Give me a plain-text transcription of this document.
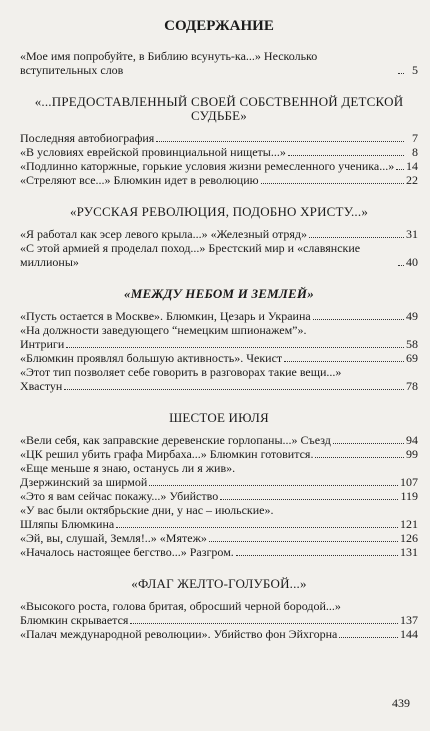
СОДЕРЖАНИЕ
«Мое имя попробуйте, в Библию всунуть-ка...» Несколько вступительных слов	5
«...ПРЕДОСТАВЛЕННЫЙ СВОЕЙ СОБСТВЕННОЙ ДЕТСКОЙ СУДЬБЕ»
Последняя автобиография	7
«В условиях еврейской провинциальной нищеты...»	8
«Подлинно каторжные, горькие условия жизни ремесленного ученика...» 14
«Стреляют все...» Блюмкин идет в революцию	22
«РУССКАЯ РЕВОЛЮЦИЯ, ПОДОБНО ХРИСТУ...»
«Я работал как эсер левого крыла...» «Железный отряд»	31
«С этой армией я проделал поход...» Брестский мир и «славянские миллионы»	40
«МЕЖДУ НЕБОМ И ЗЕМЛЕЙ»
«Пусть остается в Москве». Блюмкин, Цезарь и Украина	49
«На должности заведующего “немецким шпионажем”».
Интриги	58
«Блюмкин проявлял большую активность». Чекист	69
«Этот тип позволяет себе говорить в разговорах такие вещи...»
Хвастун	78
ШЕСТОЕ ИЮЛЯ
«Вели себя, как заправские деревенские горлопаны...» Съезд	94
«ЦК решил убить графа Мирбаха...» Блюмкин готовится.	99
«Еще меньше я знаю, останусь ли я жив».
Дзержинский за ширмой	107
«Это я вам сейчас покажу...» Убийство	119
«У вас были октябрьские дни, у нас – июльские».
Шляпы Блюмкина	121
«Эй, вы, слушай, Земля!..» «Мятеж»	126
«Началось настоящее бегство...» Разгром.	131
«ФЛАГ ЖЕЛТО-ГОЛУБОЙ...»
«Высокого роста, голова бритая, обросший черной бородой...»
Блюмкин скрывается	137
«Палач международной революции». Убийство фон Эйхгорна	144
439
